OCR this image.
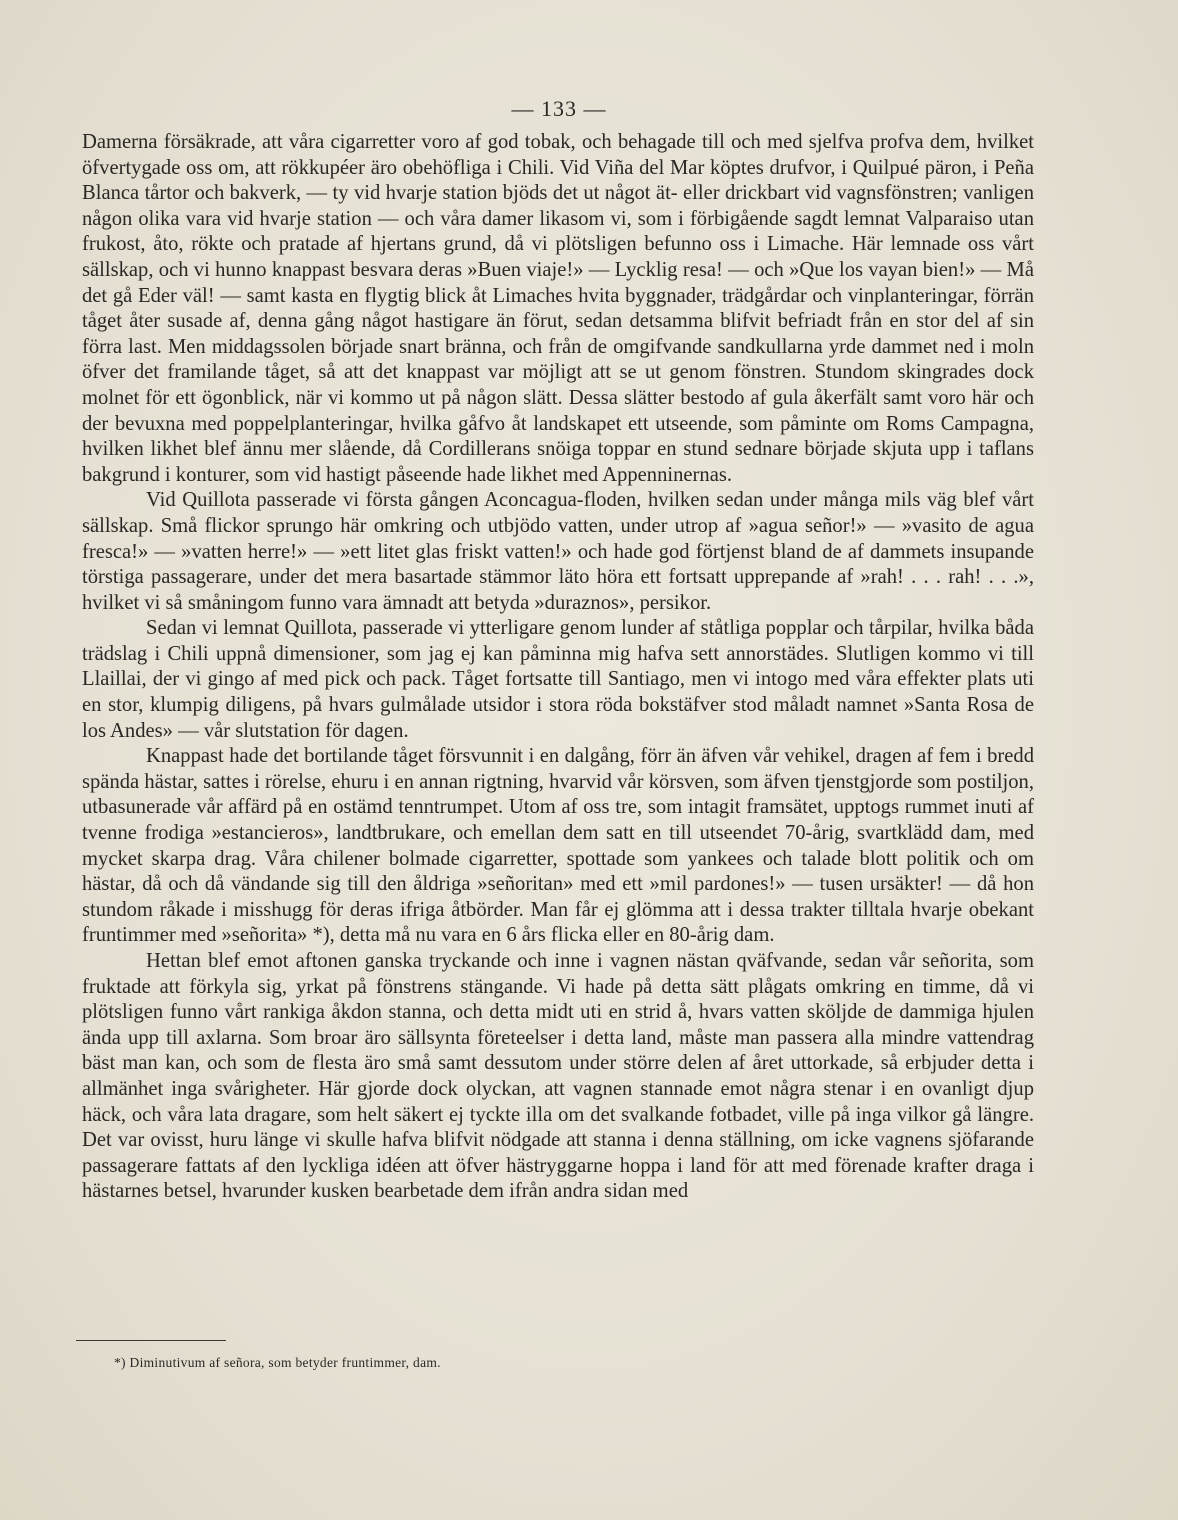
— 133 —

Damerna försäkrade, att våra cigarretter voro af god tobak, och behagade till och med sjelfva profva dem, hvilket öfvertygade oss om, att rökkupéer äro obehöfliga i Chili. Vid Viña del Mar köptes drufvor, i Quilpué päron, i Peña Blanca tårtor och bakverk, — ty vid hvarje station bjöds det ut något ät- eller drickbart vid vagnsfönstren; vanligen någon olika vara vid hvarje station — och våra damer likasom vi, som i förbigående sagdt lemnat Valparaiso utan frukost, åto, rökte och pratade af hjertans grund, då vi plötsligen befunno oss i Limache. Här lemnade oss vårt sällskap, och vi hunno knappast besvara deras »Buen viaje!» — Lycklig resa! — och »Que los vayan bien!» — Må det gå Eder väl! — samt kasta en flygtig blick åt Limaches hvita byggnader, trädgårdar och vinplanteringar, förrän tåget åter susade af, denna gång något hastigare än förut, sedan detsamma blifvit befriadt från en stor del af sin förra last. Men middagssolen började snart bränna, och från de omgifvande sandkullarna yrde dammet ned i moln öfver det framilande tåget, så att det knappast var möjligt att se ut genom fönstren. Stundom skingrades dock molnet för ett ögonblick, när vi kommo ut på någon slätt. Dessa slätter bestodo af gula åkerfält samt voro här och der bevuxna med poppelplanteringar, hvilka gåfvo åt landskapet ett utseende, som påminte om Roms Campagna, hvilken likhet blef ännu mer slående, då Cordillerans snöiga toppar en stund sednare började skjuta upp i taflans bakgrund i konturer, som vid hastigt påseende hade likhet med Appenninernas.

Vid Quillota passerade vi första gången Aconcagua-floden, hvilken sedan under många mils väg blef vårt sällskap. Små flickor sprungo här omkring och utbjödo vatten, under utrop af »agua señor!» — »vasito de agua fresca!» — »vatten herre!» — »ett litet glas friskt vatten!» och hade god förtjenst bland de af dammets insupande törstiga passagerare, under det mera basartade stämmor läto höra ett fortsatt upprepande af »rah! . . . rah! . . .», hvilket vi så småningom funno vara ämnadt att betyda »duraznos», persikor.

Sedan vi lemnat Quillota, passerade vi ytterligare genom lunder af ståtliga popplar och tårpilar, hvilka båda trädslag i Chili uppnå dimensioner, som jag ej kan påminna mig hafva sett annorstädes. Slutligen kommo vi till Llaillai, der vi gingo af med pick och pack. Tåget fortsatte till Santiago, men vi intogo med våra effekter plats uti en stor, klumpig diligens, på hvars gulmålade utsidor i stora röda bokstäfver stod måladt namnet »Santa Rosa de los Andes» — vår slutstation för dagen.

Knappast hade det bortilande tåget försvunnit i en dalgång, förr än äfven vår vehikel, dragen af fem i bredd spända hästar, sattes i rörelse, ehuru i en annan rigtning, hvarvid vår körsven, som äfven tjenstgjorde som postiljon, utbasunerade vår affärd på en ostämd tenntrumpet. Utom af oss tre, som intagit framsätet, upptogs rummet inuti af tvenne frodiga »estancieros», landtbrukare, och emellan dem satt en till utseendet 70-årig, svartklädd dam, med mycket skarpa drag. Våra chilener bolmade cigarretter, spottade som yankees och talade blott politik och om hästar, då och då vändande sig till den åldriga »señoritan» med ett »mil pardones!» — tusen ursäkter! — då hon stundom råkade i misshugg för deras ifriga åtbörder. Man får ej glömma att i dessa trakter tilltala hvarje obekant fruntimmer med »señorita» *), detta må nu vara en 6 års flicka eller en 80-årig dam.

Hettan blef emot aftonen ganska tryckande och inne i vagnen nästan qväfvande, sedan vår señorita, som fruktade att förkyla sig, yrkat på fönstrens stängande. Vi hade på detta sätt plågats omkring en timme, då vi plötsligen funno vårt rankiga åkdon stanna, och detta midt uti en strid å, hvars vatten sköljde de dammiga hjulen ända upp till axlarna. Som broar äro sällsynta företeelser i detta land, måste man passera alla mindre vattendrag bäst man kan, och som de flesta äro små samt dessutom under större delen af året uttorkade, så erbjuder detta i allmänhet inga svårigheter. Här gjorde dock olyckan, att vagnen stannade emot några stenar i en ovanligt djup häck, och våra lata dragare, som helt säkert ej tyckte illa om det svalkande fotbadet, ville på inga vilkor gå längre. Det var ovisst, huru länge vi skulle hafva blifvit nödgade att stanna i denna ställning, om icke vagnens sjöfarande passagerare fattats af den lyckliga idéen att öfver hästryggarne hoppa i land för att med förenade krafter draga i hästarnes betsel, hvarunder kusken bearbetade dem ifrån andra sidan med

*) Diminutivum af señora, som betyder fruntimmer, dam.
